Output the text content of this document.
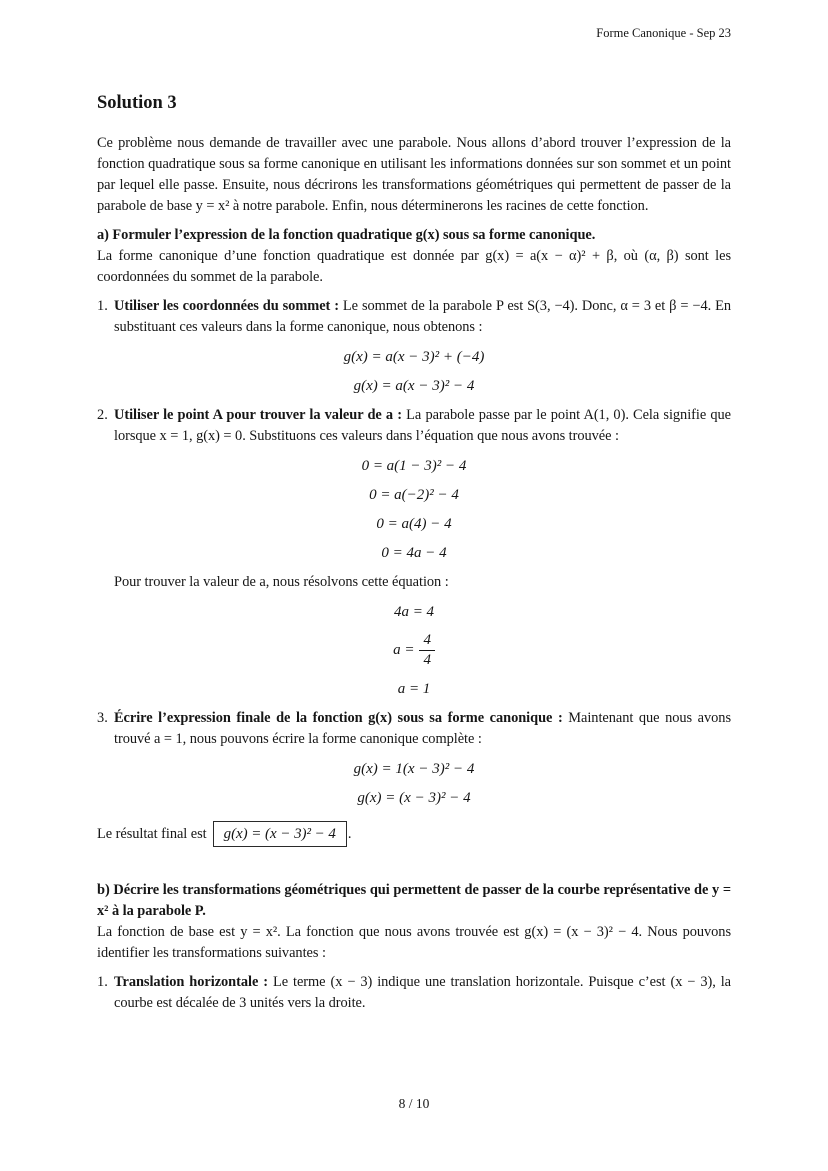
Forme Canonique - Sep 23
Solution 3

Ce problème nous demande de travailler avec une parabole. Nous allons d’abord trouver l’expression de la fonction quadratique sous sa forme canonique en utilisant les informations données sur son sommet et un point par lequel elle passe. Ensuite, nous décrirons les transformations géométriques qui permettent de passer de la parabole de base y = x² à notre parabole. Enfin, nous déterminerons les racines de cette fonction.

a) Formuler l’expression de la fonction quadratique g(x) sous sa forme canonique.

La forme canonique d’une fonction quadratique est donnée par g(x) = a(x − α)² + β, où (α, β) sont les coordonnées du sommet de la parabole.

1. Utiliser les coordonnées du sommet : Le sommet de la parabole P est S(3, −4). Donc, α = 3 et β = −4. En substituant ces valeurs dans la forme canonique, nous obtenons :
g(x) = a(x − 3)² + (−4)
g(x) = a(x − 3)² − 4
2. Utiliser le point A pour trouver la valeur de a : La parabole passe par le point A(1, 0). Cela signifie que lorsque x = 1, g(x) = 0. Substituons ces valeurs dans l’équation que nous avons trouvée :
0 = a(1 − 3)² − 4
0 = a(−2)² − 4
0 = a(4) − 4
0 = 4a − 4

Pour trouver la valeur de a, nous résolvons cette équation :

4a = 4
$a = \frac{4}{4}$
a = 1
3. Écrire l’expression finale de la fonction g(x) sous sa forme canonique : Maintenant que nous avons trouvé a = 1, nous pouvons écrire la forme canonique complète :
g(x) = 1(x − 3)² − 4
g(x) = (x − 3)² − 4

Le résultat final est g(x) = (x − 3)² − 4 .

b) Décrire les transformations géométriques qui permettent de passer de la courbe représentative de y = x² à la parabole P.

La fonction de base est y = x². La fonction que nous avons trouvée est g(x) = (x − 3)² − 4. Nous pouvons identifier les transformations suivantes :

1. Translation horizontale : Le terme (x − 3) indique une translation horizontale. Puisque c’est (x − 3), la courbe est décalée de 3 unités vers la droite.
8 / 10
